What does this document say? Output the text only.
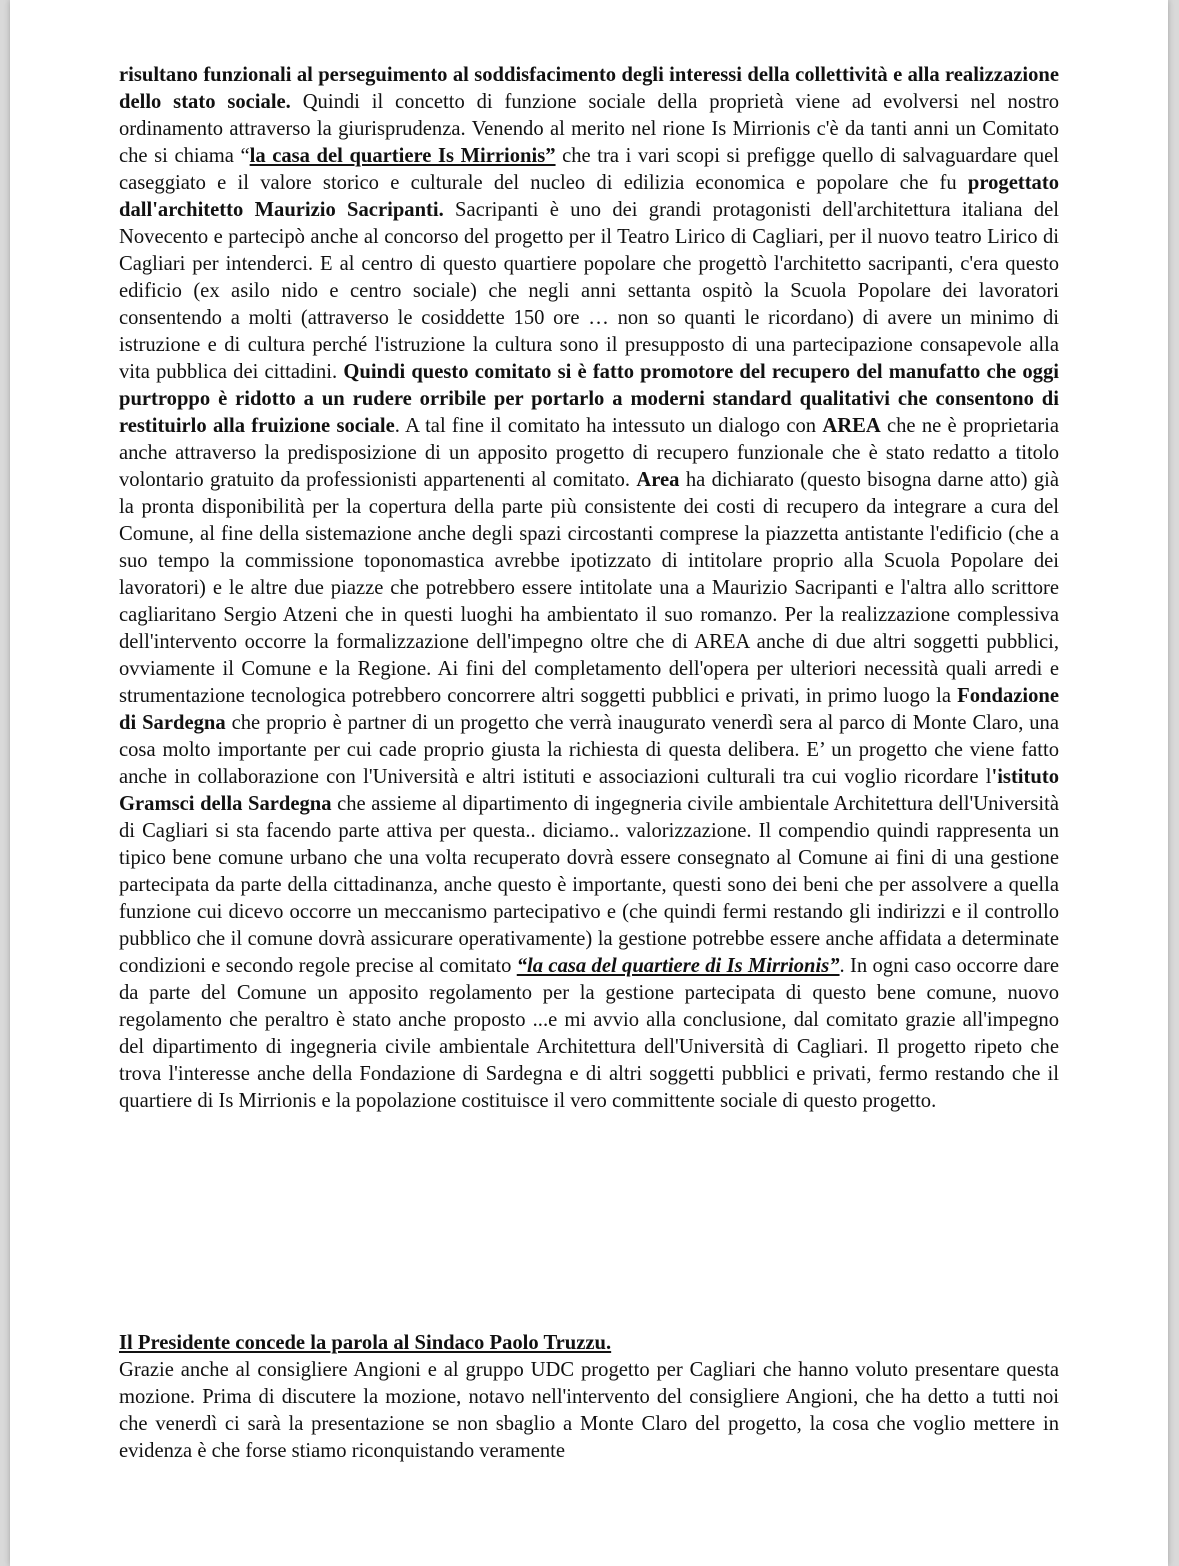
risultano funzionali al perseguimento al soddisfacimento degli interessi della collettività e alla realizzazione dello stato sociale. Quindi il concetto di funzione sociale della proprietà viene ad evolversi nel nostro ordinamento attraverso la giurisprudenza. Venendo al merito nel rione Is Mirrionis c'è da tanti anni un Comitato che si chiama “la casa del quartiere Is Mirrionis” che tra i vari scopi si prefigge quello di salvaguardare quel caseggiato e il valore storico e culturale del nucleo di edilizia economica e popolare che fu progettato dall'architetto Maurizio Sacripanti. Sacripanti è uno dei grandi protagonisti dell'architettura italiana del Novecento e partecipò anche al concorso del progetto per il Teatro Lirico di Cagliari, per il nuovo teatro Lirico di Cagliari per intenderci. E al centro di questo quartiere popolare che progettò l'architetto sacripanti, c'era questo edificio (ex asilo nido e centro sociale) che negli anni settanta ospitò la Scuola Popolare dei lavoratori consentendo a molti (attraverso le cosiddette 150 ore … non so quanti le ricordano) di avere un minimo di istruzione e di cultura perché l'istruzione la cultura sono il presupposto di una partecipazione consapevole alla vita pubblica dei cittadini. Quindi questo comitato si è fatto promotore del recupero del manufatto che oggi purtroppo è ridotto a un rudere orribile per portarlo a moderni standard qualitativi che consentono di restituirlo alla fruizione sociale. A tal fine il comitato ha intessuto un dialogo con AREA che ne è proprietaria anche attraverso la predisposizione di un apposito progetto di recupero funzionale che è stato redatto a titolo volontario gratuito da professionisti appartenenti al comitato. Area ha dichiarato (questo bisogna darne atto) già la pronta disponibilità per la copertura della parte più consistente dei costi di recupero da integrare a cura del Comune, al fine della sistemazione anche degli spazi circostanti comprese la piazzetta antistante l'edificio (che a suo tempo la commissione toponomastica avrebbe ipotizzato di intitolare proprio alla Scuola Popolare dei lavoratori) e le altre due piazze che potrebbero essere intitolate una a Maurizio Sacripanti e l'altra allo scrittore cagliaritano Sergio Atzeni che in questi luoghi ha ambientato il suo romanzo. Per la realizzazione complessiva dell'intervento occorre la formalizzazione dell'impegno oltre che di AREA anche di due altri soggetti pubblici, ovviamente il Comune e la Regione. Ai fini del completamento dell'opera per ulteriori necessità quali arredi e strumentazione tecnologica potrebbero concorrere altri soggetti pubblici e privati, in primo luogo la Fondazione di Sardegna che proprio è partner di un progetto che verrà inaugurato venerdì sera al parco di Monte Claro, una cosa molto importante per cui cade proprio giusta la richiesta di questa delibera. E’ un progetto che viene fatto anche in collaborazione con l'Università e altri istituti e associazioni culturali tra cui voglio ricordare l'istituto Gramsci della Sardegna che assieme al dipartimento di ingegneria civile ambientale Architettura dell'Università di Cagliari si sta facendo parte attiva per questa.. diciamo.. valorizzazione. Il compendio quindi rappresenta un tipico bene comune urbano che una volta recuperato dovrà essere consegnato al Comune ai fini di una gestione partecipata da parte della cittadinanza, anche questo è importante, questi sono dei beni che per assolvere a quella funzione cui dicevo occorre un meccanismo partecipativo e (che quindi fermi restando gli indirizzi e il controllo pubblico che il comune dovrà assicurare operativamente) la gestione potrebbe essere anche affidata a determinate condizioni e secondo regole precise al comitato “la casa del quartiere di Is Mirrionis”. In ogni caso occorre dare da parte del Comune un apposito regolamento per la gestione partecipata di questo bene comune, nuovo regolamento che peraltro è stato anche proposto ...e mi avvio alla conclusione, dal comitato grazie all'impegno del dipartimento di ingegneria civile ambientale Architettura dell'Università di Cagliari. Il progetto ripeto che trova l'interesse anche della Fondazione di Sardegna e di altri soggetti pubblici e privati, fermo restando che il quartiere di Is Mirrionis e la popolazione costituisce il vero committente sociale di questo progetto.

Il Presidente concede la parola al Sindaco Paolo Truzzu.

Grazie anche al consigliere Angioni e al gruppo UDC progetto per Cagliari che hanno voluto presentare questa mozione. Prima di discutere la mozione, notavo nell'intervento del consigliere Angioni, che ha detto a tutti noi che venerdì ci sarà la presentazione se non sbaglio a Monte Claro del progetto, la cosa che voglio mettere in evidenza è che forse stiamo riconquistando veramente
